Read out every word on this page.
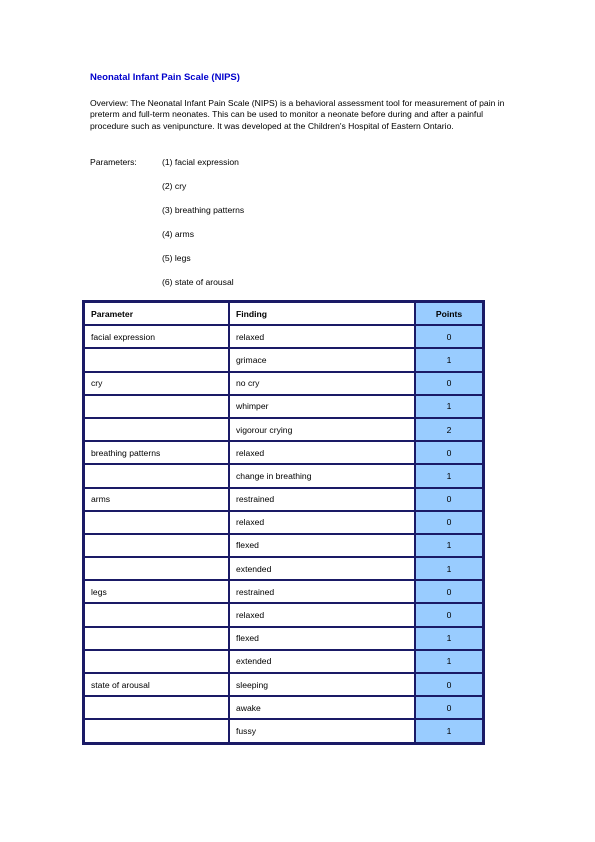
Neonatal Infant Pain Scale (NIPS)
Overview: The Neonatal Infant Pain Scale (NIPS) is a behavioral assessment tool for measurement of pain in preterm and full-term neonates. This can be used to monitor a neonate before during and after a painful procedure such as venipuncture. It was developed at the Children's Hospital of Eastern Ontario.
Parameters:	(1) facial expression
(2) cry
(3) breathing patterns
(4) arms
(5) legs
(6) state of arousal
Parameter	Finding	Points
facial expression	relaxed	0
	grimace	1
cry	no cry	0
	whimper	1
	vigorour crying	2
breathing patterns	relaxed	0
	change in breathing	1
arms	restrained	0
	relaxed	0
	flexed	1
	extended	1
legs	restrained	0
	relaxed	0
	flexed	1
	extended	1
state of arousal	sleeping	0
	awake	0
	fussy	1
